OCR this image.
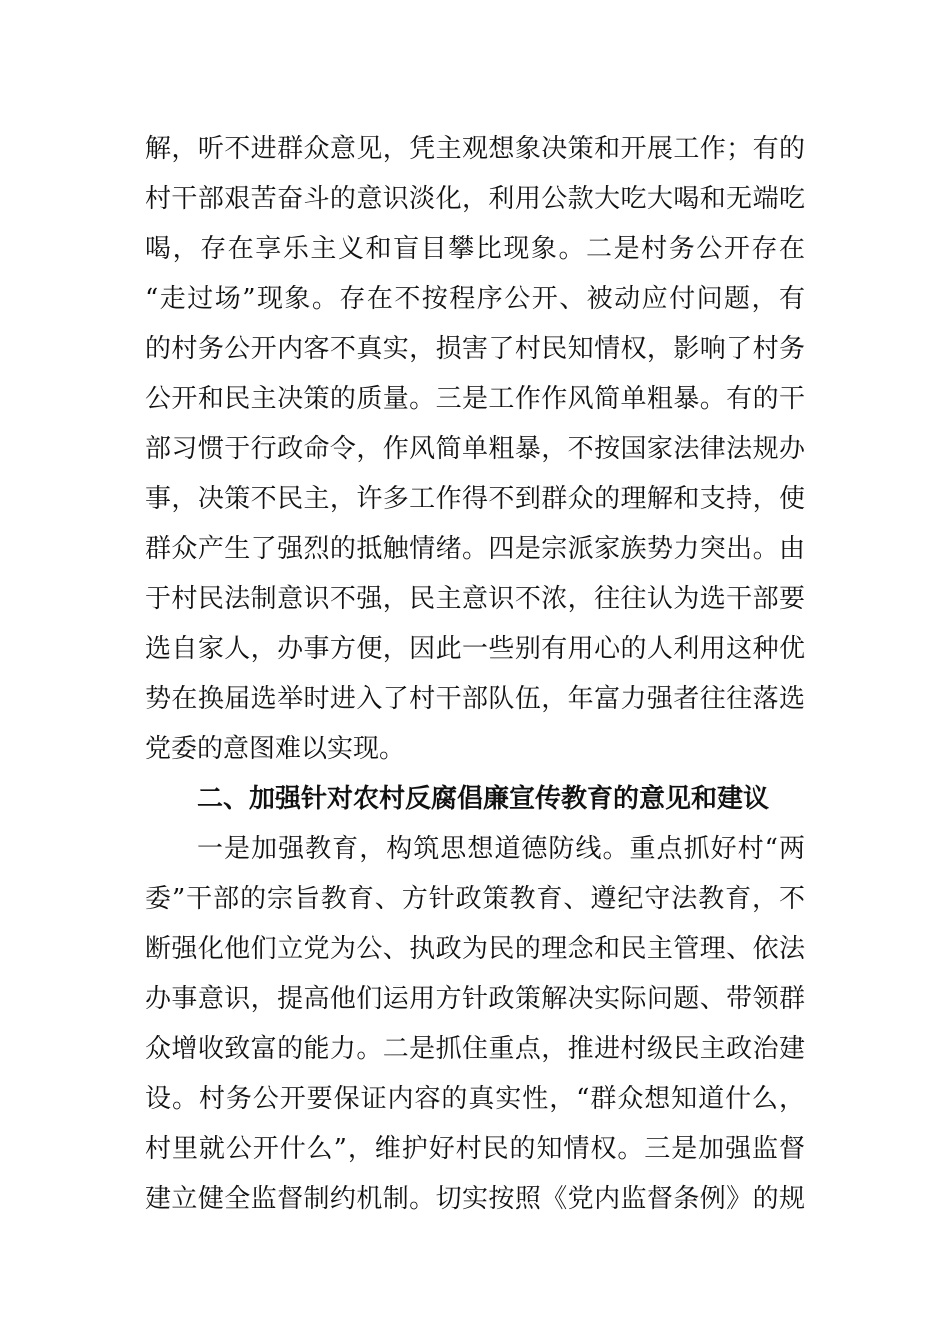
解，听不进群众意见，凭主观想象决策和开展工作；有的
村干部艰苦奋斗的意识淡化，利用公款大吃大喝和无端吃
喝，存在享乐主义和盲目攀比现象。二是村务公开存在
“走过场”现象。存在不按程序公开、被动应付问题，有
的村务公开内客不真实，损害了村民知情权，影响了村务
公开和民主决策的质量。三是工作作风简单粗暴。有的干
部习惯于行政命令，作风简单粗暴，不按国家法律法规办
事，决策不民主，许多工作得不到群众的理解和支持，使
群众产生了强烈的抵触情绪。四是宗派家族势力突出。由
于村民法制意识不强，民主意识不浓，往往认为选干部要
选自家人，办事方便，因此一些别有用心的人利用这种优
势在换届选举时进入了村干部队伍，年富力强者往往落选
党委的意图难以实现。
二、加强针对农村反腐倡廉宣传教育的意见和建议
一是加强教育，构筑思想道德防线。重点抓好村“两
委”干部的宗旨教育、方针政策教育、遵纪守法教育，不
断强化他们立党为公、执政为民的理念和民主管理、依法
办事意识，提高他们运用方针政策解决实际问题、带领群
众增收致富的能力。二是抓住重点，推进村级民主政治建
设。村务公开要保证内容的真实性，“群众想知道什么，
村里就公开什么”，维护好村民的知情权。三是加强监督
建立健全监督制约机制。切实按照《党内监督条例》的规
